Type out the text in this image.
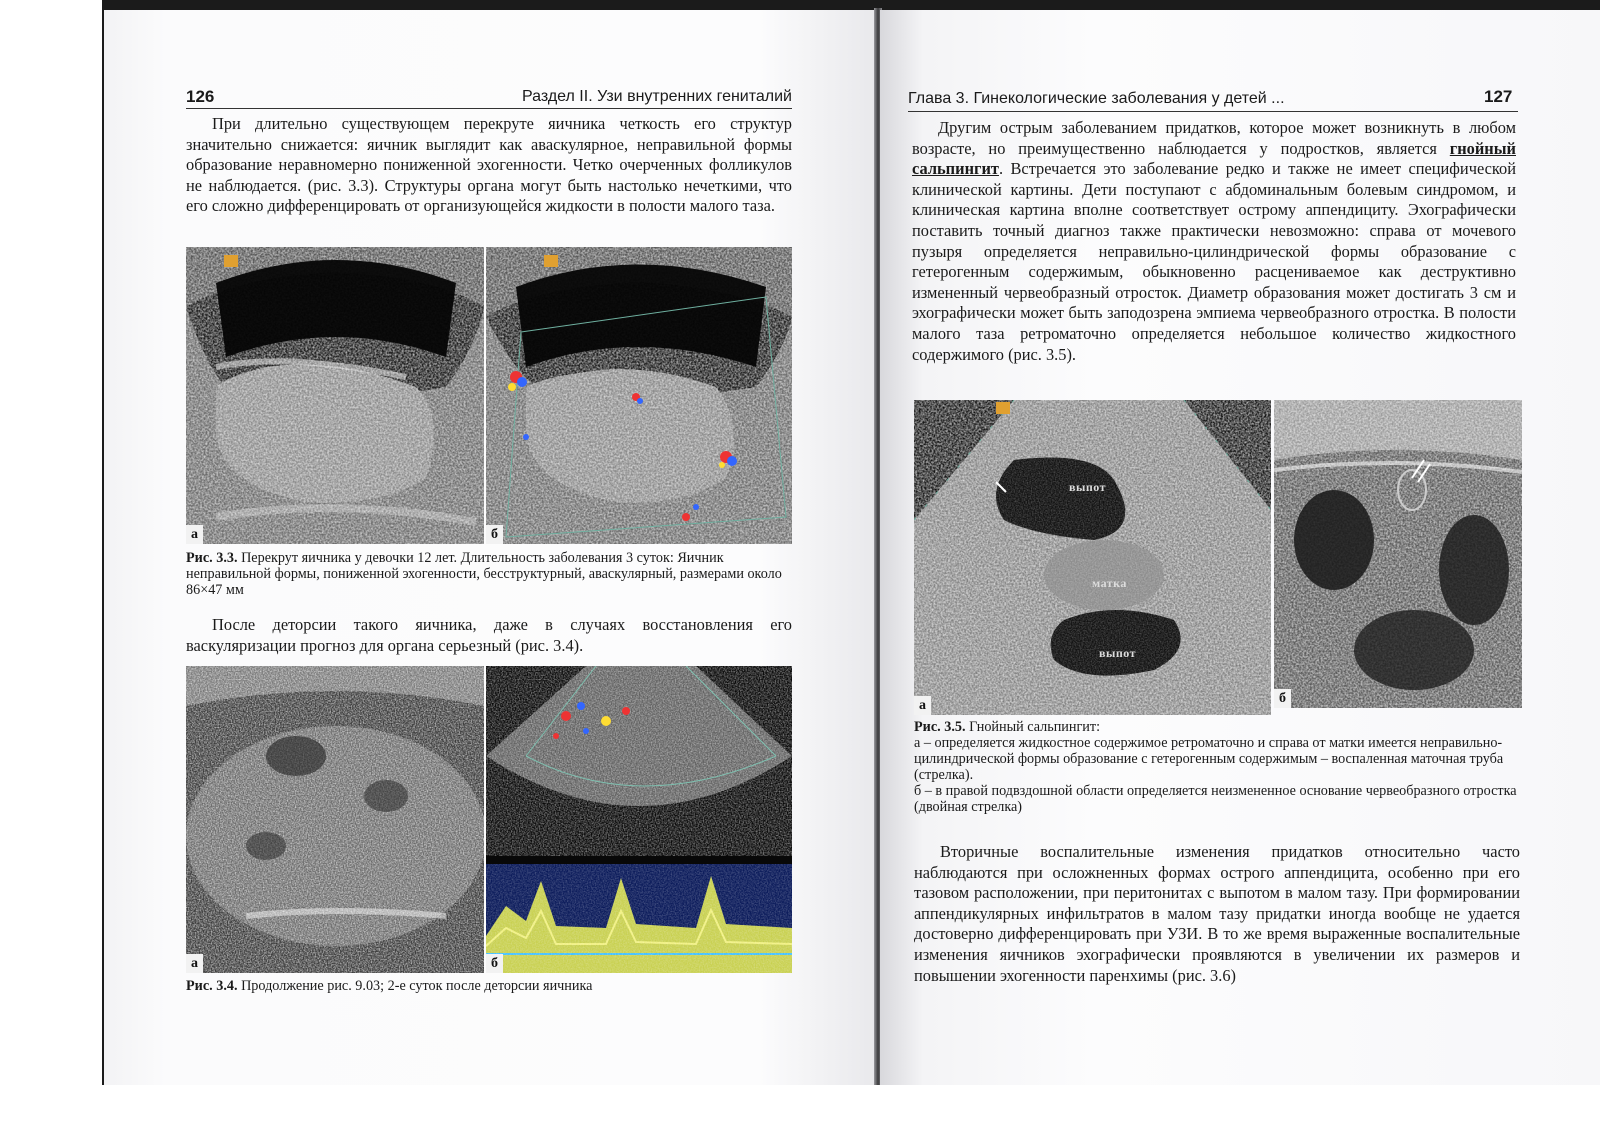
126	Раздел II. Узи внутренних гениталий
При длительно существующем перекруте яичника четкость его структур значительно снижается: яичник выглядит как аваскулярное, неправильной формы образование неравномерно пониженной эхогенности. Четко очерченных фолликулов не наблюдается. (рис. 3.3). Структуры органа могут быть настолько нечеткими, что его сложно дифференцировать от организующейся жидкости в полости малого таза.
а	б
Рис. 3.3. Перекрут яичника у девочки 12 лет. Длительность заболевания 3 суток: Яичник неправильной формы, пониженной эхогенности, бесструктурный, аваскулярный, размерами около 86×47 мм
После деторсии такого яичника, даже в случаях восстановления его васкуляризации прогноз для органа серьезный (рис. 3.4).
а	б
Рис. 3.4. Продолжение рис. 9.03; 2-е суток после деторсии яичника
Глава 3. Гинекологические заболевания у детей ...	127
Другим острым заболеванием придатков, которое может возникнуть в любом возрасте, но преимущественно наблюдается у подростков, является гнойный сальпингит. Встречается это заболевание редко и также не имеет специфической клинической картины. Дети поступают с абдоминальным болевым синдромом, и клиническая картина вполне соответствует острому аппендициту. Эхографически поставить точный диагноз также практически невозможно: справа от мочевого пузыря определяется неправильно-цилиндрической формы образование с гетерогенным содержимым, обыкновенно расцениваемое как деструктивно измененный червеобразный отросток. Диаметр образования может достигать 3 см и эхографически может быть заподозрена эмпиема червеобразного отростка. В полости малого таза ретроматочно определяется небольшое количество жидкостного содержимого (рис. 3.5).
выпот
матка
выпот
а	б
Рис. 3.5. Гнойный сальпингит:
а – определяется жидкостное содержимое ретроматочно и справа от матки имеется неправильно-цилиндрической формы образование с гетерогенным содержимым – воспаленная маточная труба (стрелка).
б – в правой подвздошной области определяется неизмененное основание червеобразного отростка (двойная стрелка)
Вторичные воспалительные изменения придатков относительно часто наблюдаются при осложненных формах острого аппендицита, особенно при его тазовом расположении, при перитонитах с выпотом в малом тазу. При формировании аппендикулярных инфильтратов в малом тазу придатки иногда вообще не удается достоверно дифференцировать при УЗИ. В то же время выраженные воспалительные изменения яичников эхографически проявляются в увеличении их размеров и повышении эхогенности паренхимы (рис. 3.6)
